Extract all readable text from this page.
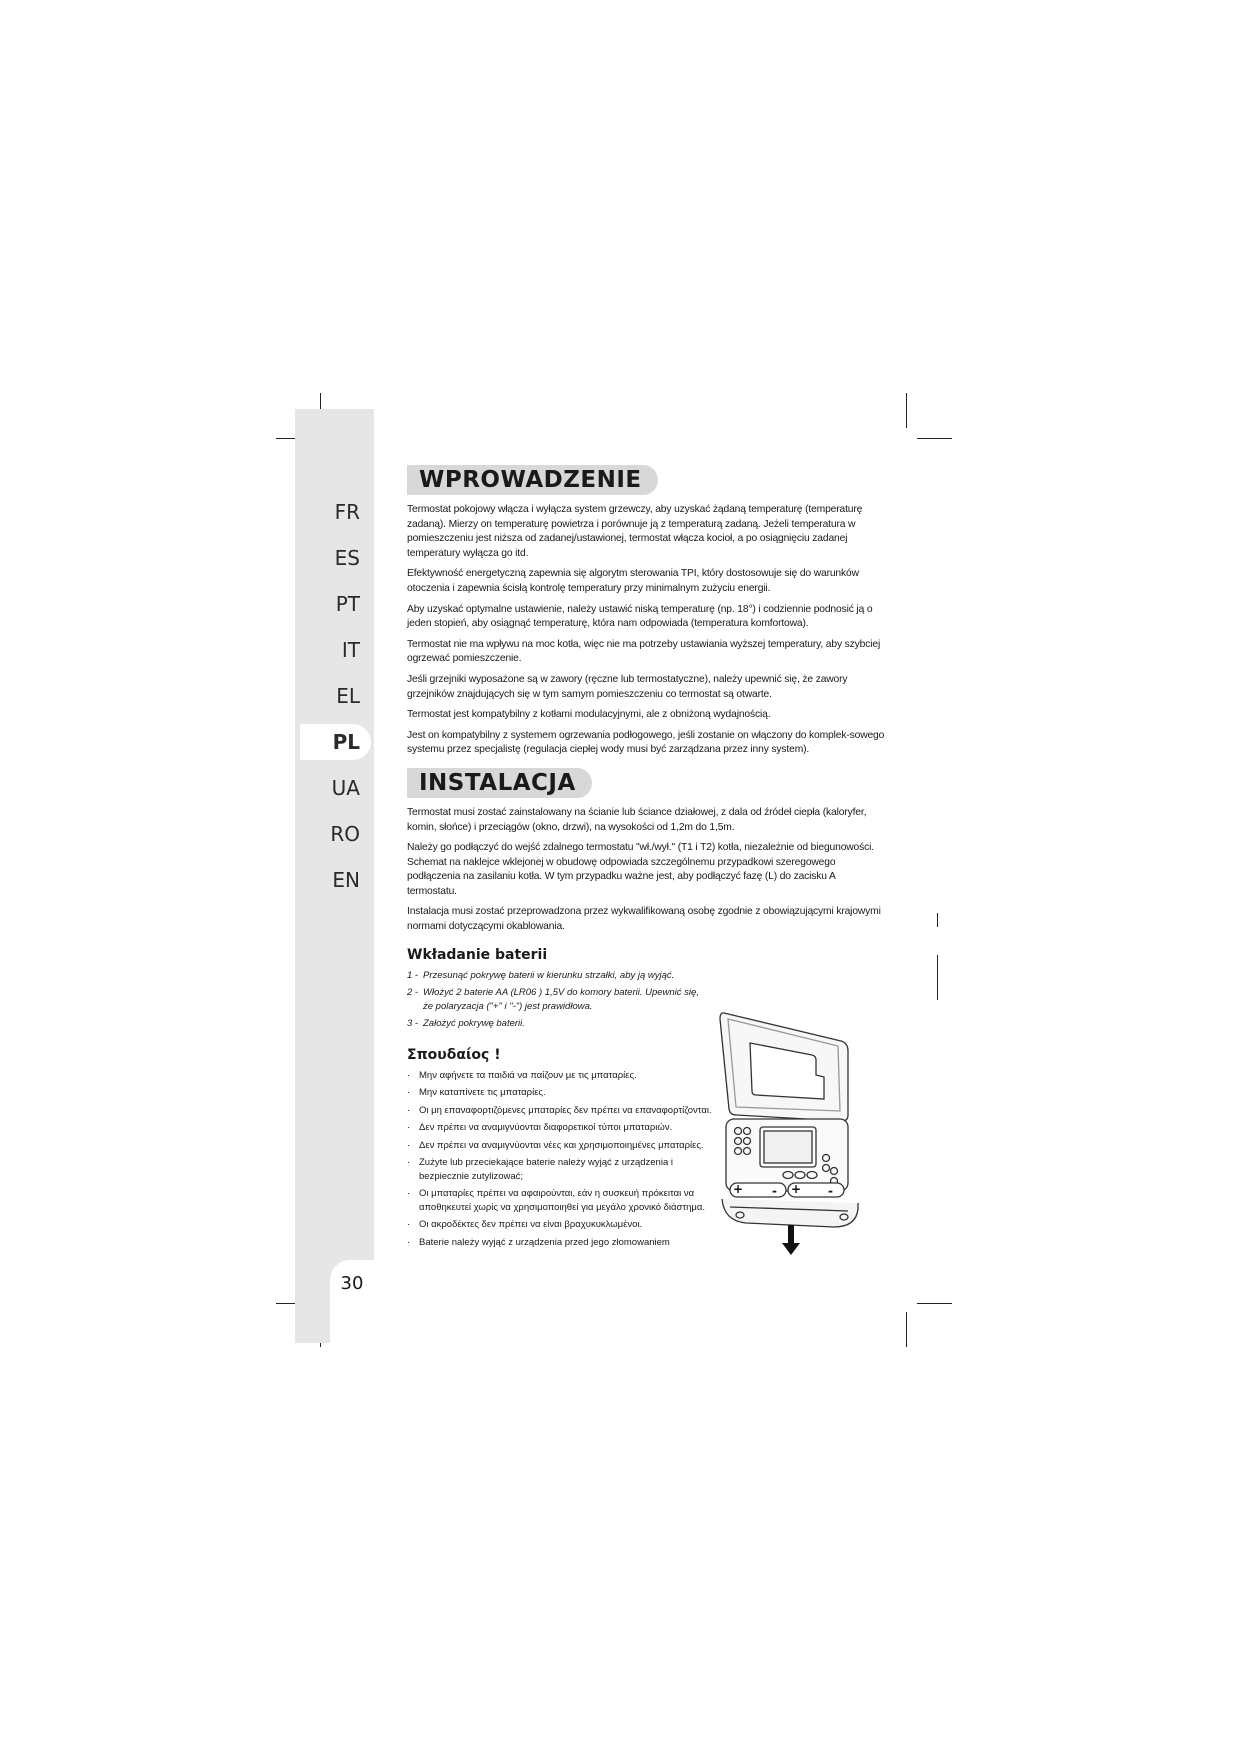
FR
ES
PT
IT
EL
PL
UA
RO
EN
30
WPROWADZENIE

Termostat pokojowy włącza i wyłącza system grzewczy, aby uzyskać żądaną temperaturę (temperaturę zadaną). Mierzy on temperaturę powietrza i porównuje ją z temperaturą zadaną. Jeżeli temperatura w pomieszczeniu jest niższa od zadanej/ustawionej, termostat włącza kocioł, a po osiągnięciu zadanej temperatury wyłącza go itd.

Efektywność energetyczną zapewnia się algorytm sterowania TPI, który dostosowuje się do warunków otoczenia i zapewnia ścisłą kontrolę temperatury przy minimalnym zużyciu energii.

Aby uzyskać optymalne ustawienie, należy ustawić niską temperaturę (np. 18°) i codziennie podnosić ją o jeden stopień, aby osiągnąć temperaturę, która nam odpowiada (temperatura komfortowa).

Termostat nie ma wpływu na moc kotła, więc nie ma potrzeby ustawiania wyższej temperatury, aby szybciej ogrzewać pomieszczenie.

Jeśli grzejniki wyposażone są w zawory (ręczne lub termostatyczne), należy upewnić się, że zawory grzejników znajdujących się w tym samym pomieszczeniu co termostat są otwarte.

Termostat jest kompatybilny z kotłami modulacyjnymi, ale z obniżoną wydajnością.

Jest on kompatybilny z systemem ogrzewania podłogowego, jeśli zostanie on włączony do komplek-sowego systemu przez specjalistę (regulacja ciepłej wody musi być zarządzana przez inny system).

INSTALACJA

Termostat musi zostać zainstalowany na ścianie lub ściance działowej, z dala od źródeł ciepła (kaloryfer, komin, słońce) i przeciągów (okno, drzwi), na wysokości od 1,2m do 1,5m.

Należy go podłączyć do wejść zdalnego termostatu "wł./wył." (T1 i T2) kotła, niezależnie od biegunowości. Schemat na naklejce wklejonej w obudowę odpowiada szczególnemu przypadkowi szeregowego podłączenia na zasilaniu kotła. W tym przypadku ważne jest, aby podłączyć fazę (L) do zacisku A termostatu.

Instalacja musi zostać przeprowadzona przez wykwalifikowaną osobę zgodnie z obowiązującymi krajowymi normami dotyczącymi okablowania.

Wkładanie baterii
1 - Przesunąć pokrywę baterii w kierunku strzałki, aby ją wyjąć.
2 - Włożyć 2 baterie AA (LR06 ) 1,5V do komory baterii. Upewnić się, że polaryzacja ("+" i "-") jest prawidłowa.
3 - Założyć pokrywę baterii.
Σπουδαίος !
· Μην αφήνετε τα παιδιά να παίζουν με τις μπαταρίες.
· Μην καταπίνετε τις μπαταρίες.
· Οι μη επαναφορτιζόμενες μπαταρίες δεν πρέπει να επαναφορτίζονται.
· Δεν πρέπει να αναμιγνύονται διαφορετικοί τύποι μπαταριών.
· Δεν πρέπει να αναμιγνύονται νέες και χρησιμοποιημένες μπαταρίες.
· Zużyte lub przeciekające baterie należy wyjąć z urządzenia i bezpiecznie zutylizować;
· Οι μπαταρίες πρέπει να αφαιρούνται, εάν η συσκευή πρόκειται να αποθηκευτεί χωρίς να χρησιμοποιηθεί για μεγάλο χρονικό διάστημα.
· Οι ακροδέκτες δεν πρέπει να είναι βραχυκυκλωμένοι.
· Baterie należy wyjąć z urządzenia przed jego złomowaniem
+ - + -
